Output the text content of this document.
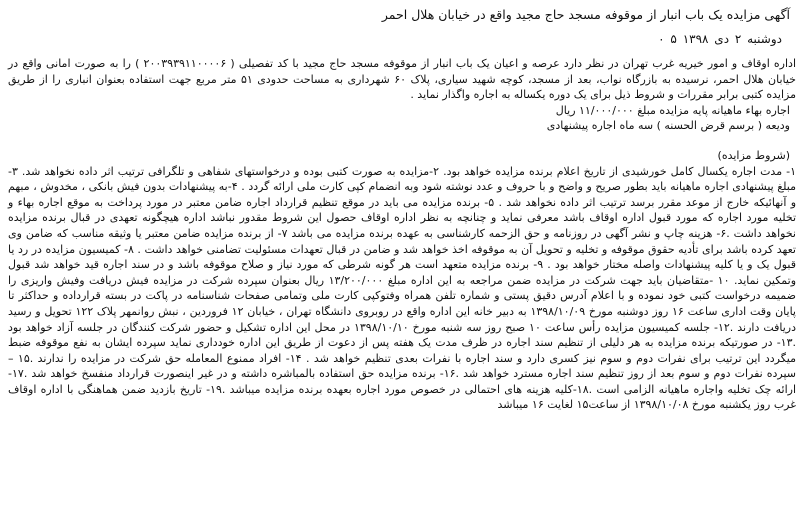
آگهی مزایده یک باب انبار از موقوفه مسجد حاج مجید واقع در خیابان هلال احمر
دوشنبه ۲ دی ۱۳۹۸ ۵ ۰

اداره اوقاف و امور خیریه غرب تهران در نظر دارد عرصه و اعیان یک باب انبار از موقوفه مسجد حاج مجید با کد تفصیلی ( ۲۰۰۳۹۳۹۱۱۰۰۰۰۶ ) را به صورت امانی واقع در خیابان هلال احمر، نرسیده به بازرگاه نواب، بعد از مسجد، کوچه شهید سیاری، پلاک ۶۰ شهرداری به مساحت حدودی ۵۱ متر مربع جهت استفاده بعنوان انباری را از طریق مزایده کتبی برابر مقررات و شروط ذیل برای یک دوره یکساله به اجاره واگذار نماید .

اجاره بهاء ماهیانه پایه مزایده مبلغ ۱۱/۰۰۰/۰۰۰ ریال
ودیعه ( برسم قرض الحسنه ) سه ماه اجاره پیشنهادی
(شروط مزایده)

۱- مدت اجاره یکسال کامل خورشیدی از تاریخ اعلام برنده مزایده خواهد بود. ۲-مزایده به صورت کتبی بوده و درخواستهای شفاهی و تلگرافی ترتیب اثر داده نخواهد شد. ۳-مبلغ پیشنهادی اجاره ماهیانه باید بطور صریح و واضح و با حروف و عدد نوشته شود وبه انضمام کپی کارت ملی ارائه گردد . ۴-به پیشنهادات بدون فیش بانکی ، مخدوش ، مبهم و آنهائیکه خارج از موعد مقرر برسد ترتیب اثر داده نخواهد شد . ۵- برنده مزایده می باید در موقع تنظیم قرارداد اجاره ضامن معتبر در مورد پرداخت به موقع اجاره بهاء و تخلیه مورد اجاره که مورد قبول اداره اوقاف باشد معرفی نماید و چنانچه به نظر اداره اوقاف حصول این شروط مقدور نباشد اداره هیچگونه تعهدی در قبال برنده مزایده نخواهد داشت .۶- هزینه چاپ و نشر آگهی در روزنامه و حق الزحمه کارشناسی به عهده برنده مزایده می باشد ۷- از برنده مزایده ضامن معتبر یا وثیقه مناسب که ضامن وی تعهد کرده باشد برای تأدیه حقوق موقوفه و تخلیه و تحویل آن به موقوفه اخذ خواهد شد و ضامن در قبال تعهدات مسئولیت تضامنی خواهد داشت . ۸- کمیسیون مزایده در رد یا قبول یک و یا کلیه پیشنهادات واصله مختار خواهد بود . ۹- برنده مزایده متعهد است هر گونه شرطی که مورد نیاز و صلاح موقوفه باشد و در سند اجاره قید خواهد شد قبول وتمکین نماید. ۱۰ -متقاضیان باید جهت شرکت در مزایده ضمن مراجعه به این اداره مبلغ ۱۳/۲۰۰/۰۰۰ ریال بعنوان سپرده شرکت در مزایده فیش دریافت وفیش واریزی را ضمیمه درخواست کتبی خود نموده و با اعلام آدرس دقیق پستی و شماره تلفن همراه وفتوکپی کارت ملی وتمامی صفحات شناسنامه در پاکت در بسته قرارداده و حداکثر تا پایان وقت اداری ساعت ۱۶ روز دوشنبه مورخ ۱۳۹۸/۱۰/۰۹ به دبیر خانه این اداره واقع در روبروی دانشگاه تهران ، خیابان ۱۲ فروردین ، نبش روانمهر پلاک ۱۲۲ تحویل و رسید دریافت دارند .۱۲- جلسه کمیسیون مزایده رأس ساعت ۱۰ صبح روز سه شنبه مورخ ۱۳۹۸/۱۰/۱۰ در محل این اداره تشکیل و حضور شرکت کنندگان در جلسه آزاد خواهد بود .۱۳- در صورتیکه برنده مزایده به هر دلیلی از تنظیم سند اجاره در ظرف مدت یک هفته پس از دعوت از طریق این اداره خودداری نماید سپرده ایشان به نفع موقوفه ضبط میگردد این ترتیب برای نفرات دوم و سوم نیز کسری دارد و سند اجاره با نفرات بعدی تنظیم خواهد شد . ۱۴- افراد ممنوع المعامله حق شرکت در مزایده را ندارند .۱۵ – سپرده نفرات دوم و سوم بعد از روز تنظیم سند اجاره مسترد خواهد شد .۱۶- برنده مزایده حق استفاده بالمباشره داشته و در غیر اینصورت قرارداد منفسخ خواهد شد .۱۷- ارائه چک تخلیه واجاره ماهیانه الزامی است .۱۸-کلیه هزینه های احتمالی در خصوص مورد اجاره بعهده برنده مزایده میباشد .۱۹- تاریخ بازدید ضمن هماهنگی با اداره اوقاف غرب روز یکشنبه مورخ ۱۳۹۸/۱۰/۰۸ از ساعت۱۵ لغایت ۱۶ میباشد
